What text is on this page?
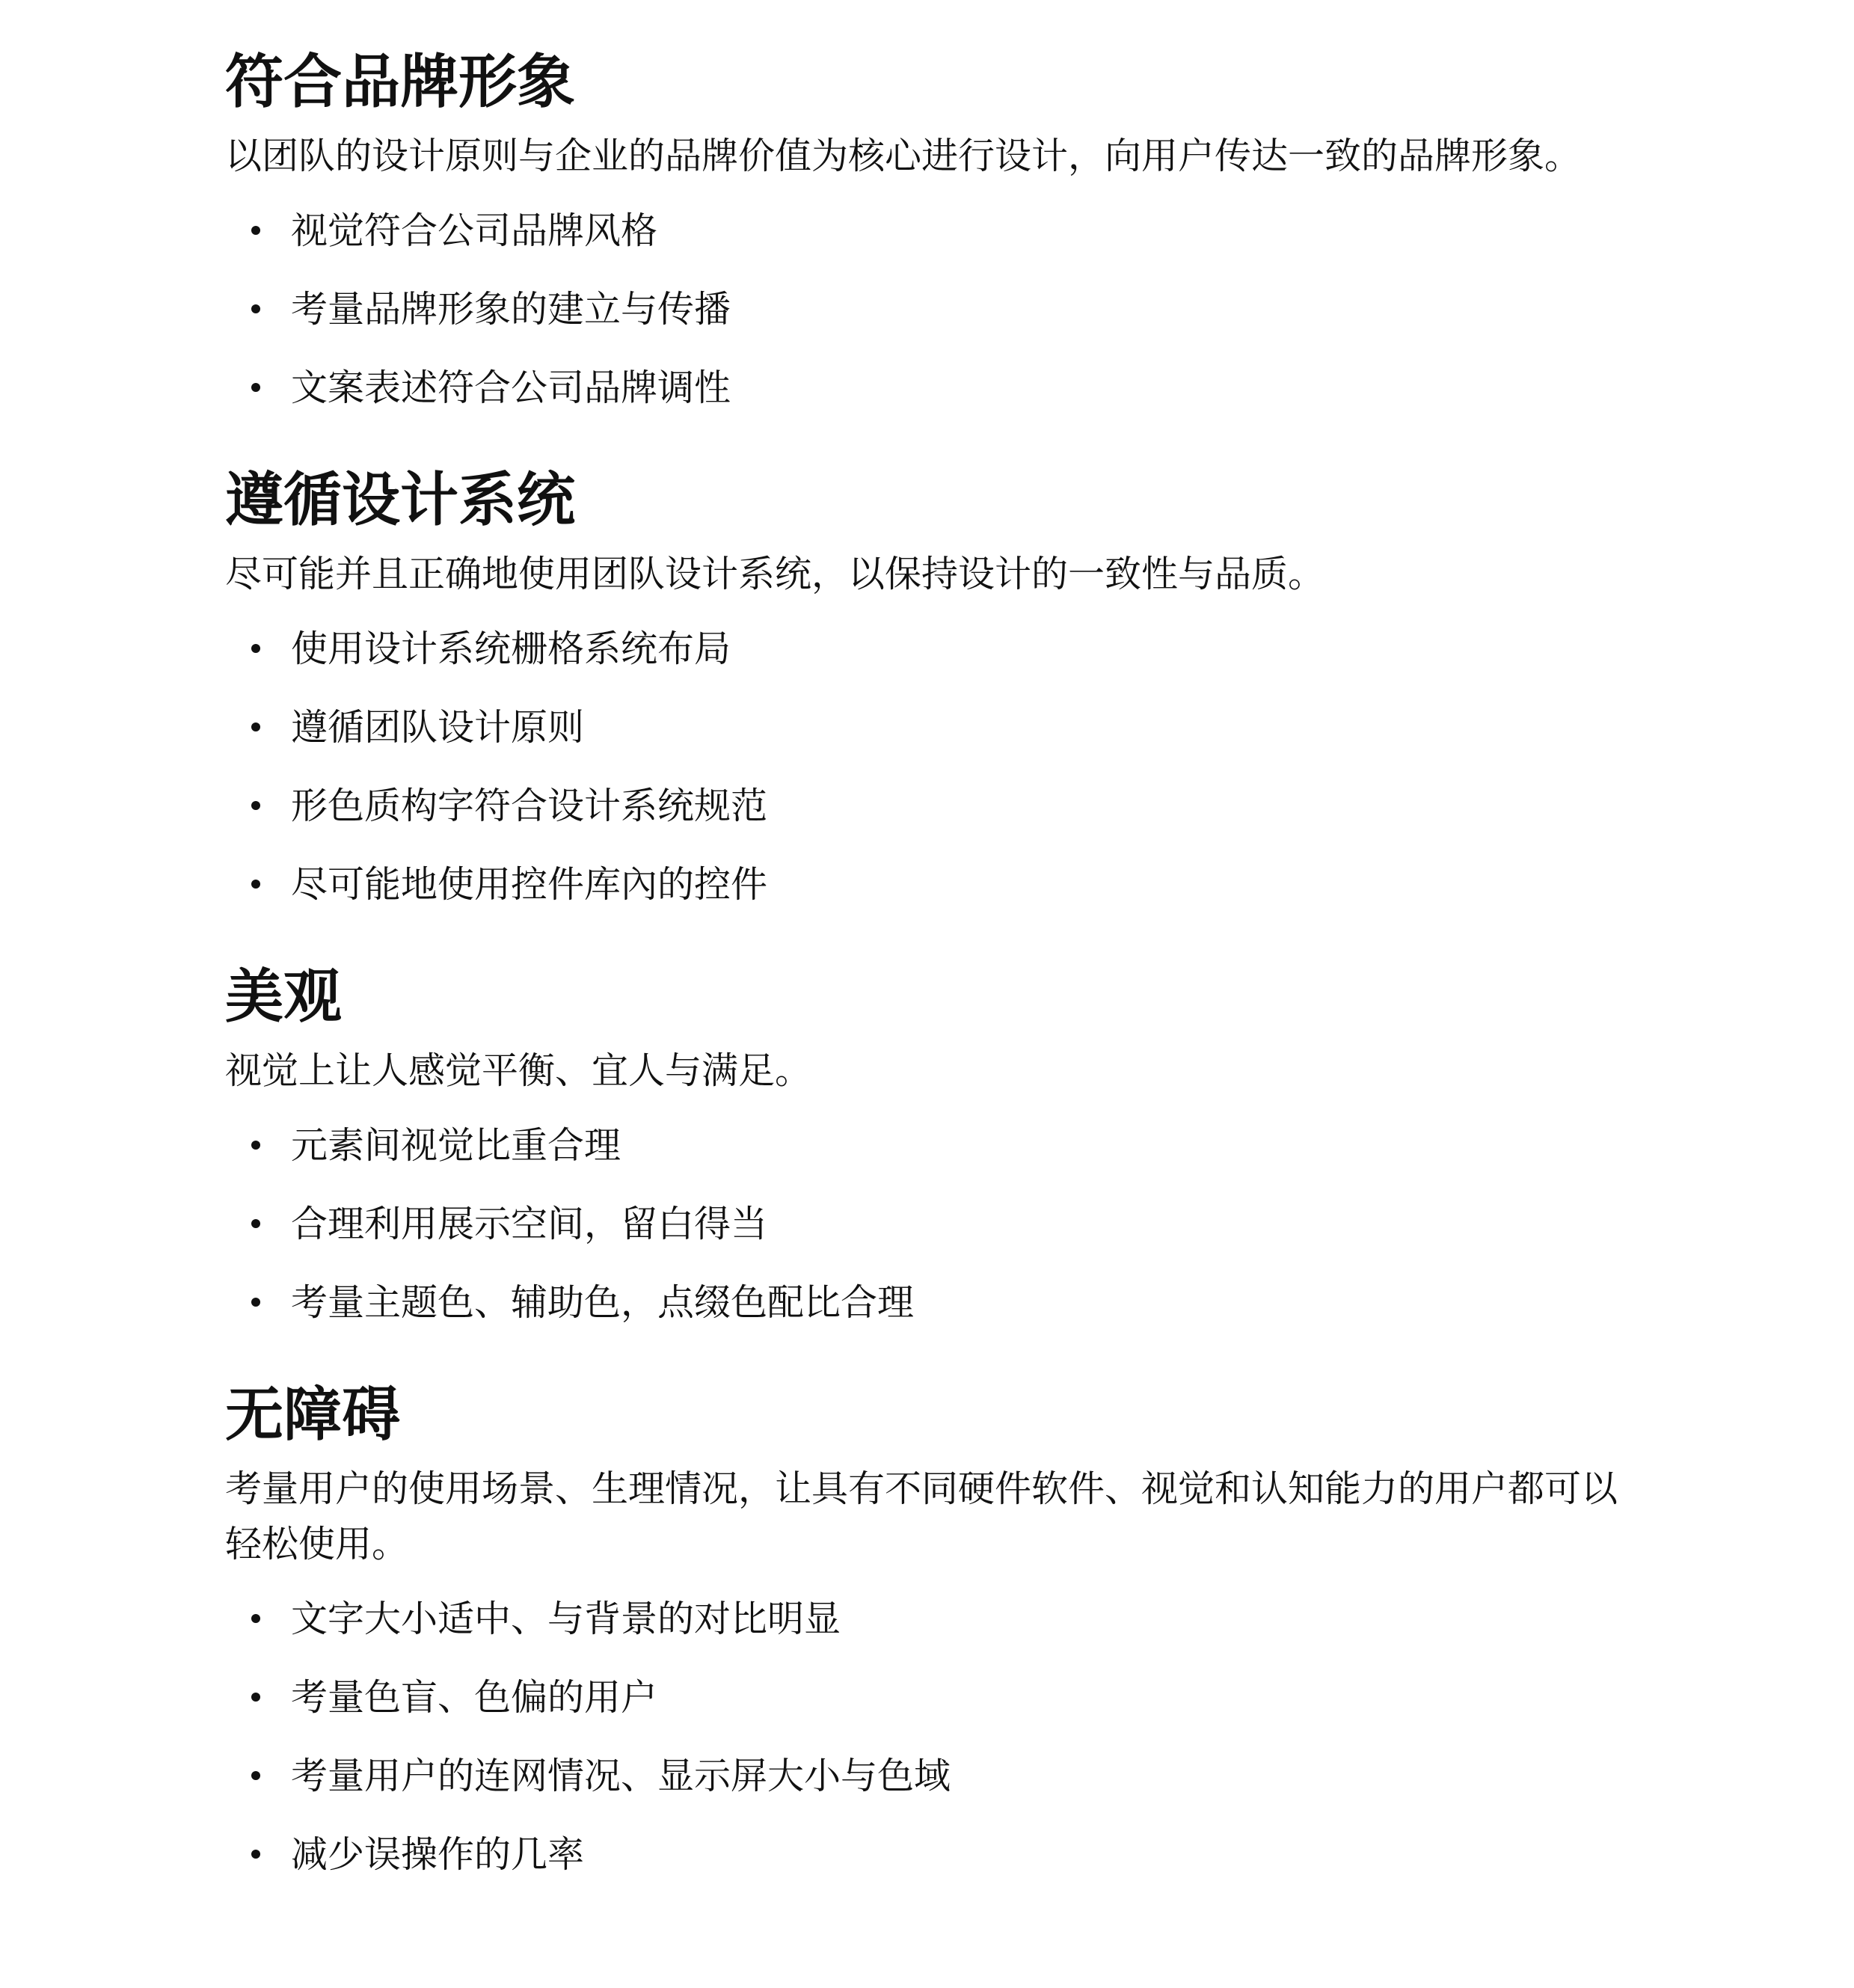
符合品牌形象

以团队的设计原则与企业的品牌价值为核心进行设计，向用户传达一致的品牌形象。

视觉符合公司品牌风格
考量品牌形象的建立与传播
文案表述符合公司品牌调性
遵循设计系统

尽可能并且正确地使用团队设计系统，以保持设计的一致性与品质。

使用设计系统栅格系统布局
遵循团队设计原则
形色质构字符合设计系统规范
尽可能地使用控件库內的控件
美观

视觉上让人感觉平衡、宜人与满足。

元素间视觉比重合理
合理利用展示空间，留白得当
考量主题色、辅助色，点缀色配比合理
无障碍

考量用户的使用场景、生理情况，让具有不同硬件软件、视觉和认知能力的用户都可以轻松使用。

文字大小适中、与背景的对比明显
考量色盲、色偏的用户
考量用户的连网情况、显示屏大小与色域
减少误操作的几率
